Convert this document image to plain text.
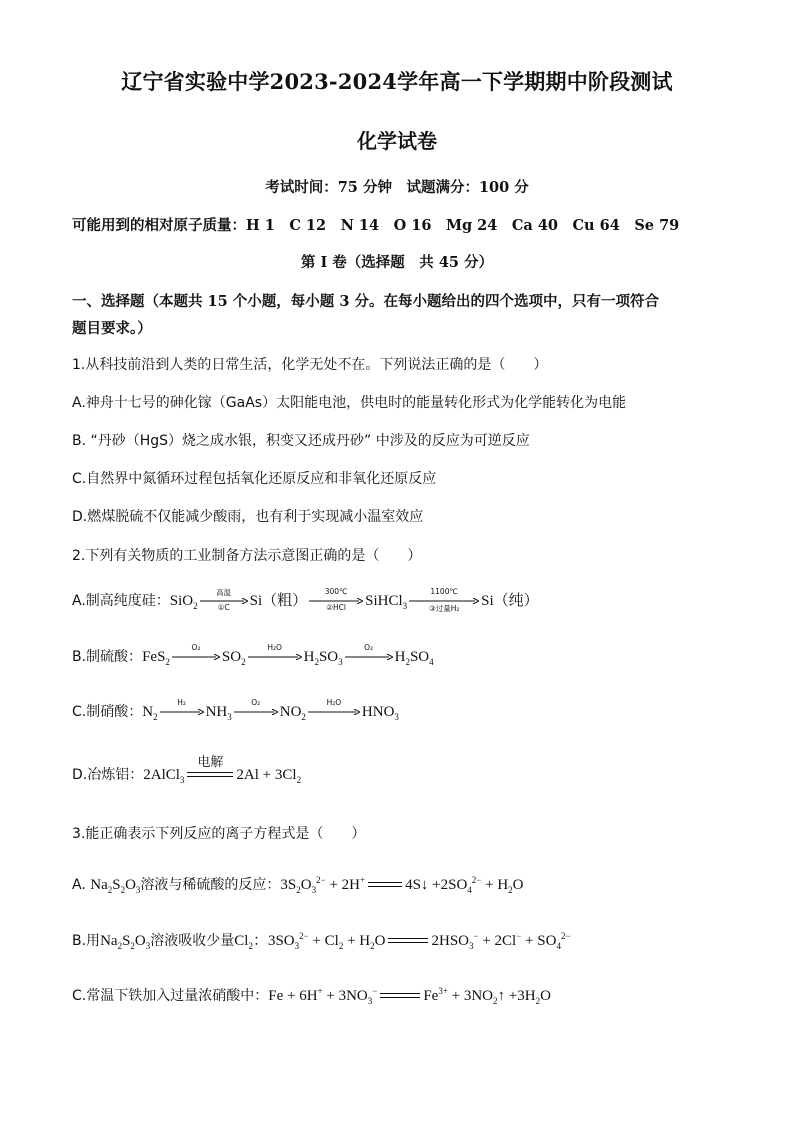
辽宁省实验中学2023-2024学年高一下学期期中阶段测试
化学试卷
考试时间：75 分钟　试题满分：100 分
可能用到的相对原子质量：H 1　C 12　N 14　O 16　Mg 24　Ca 40　Cu 64　Se 79
第 I 卷（选择题　共 45 分）
一、选择题（本题共 15 个小题，每小题 3 分。在每小题给出的四个选项中，只有一项符合
题目要求。）
1.从科技前沿到人类的日常生活，化学无处不在。下列说法正确的是（　　）
A.神舟十七号的砷化镓（GaAs）太阳能电池，供电时的能量转化形式为化学能转化为电能
B. “丹砂（HgS）烧之成水银，积变又还成丹砂” 中涉及的反应为可逆反应
C.自然界中氮循环过程包括氧化还原反应和非氧化还原反应
D.燃煤脱硫不仅能减少酸雨，也有利于实现减小温室效应
2.下列有关物质的工业制备方法示意图正确的是（　　）
A.制高纯度硅：SiO$_2$
高温
①C	Si（粗）
300℃
②HCl	SiHCl$_3$
1100℃
③过量H₂	Si（纯）
B.制硫酸：FeS$_2$
O₂
$SO_2$
H₂O
$H_2SO_3$
O₂
$H_2SO_4$
C.制硝酸：$N_2$
H₂
$NH_3$
O₂
$NO_2$
H₂O
$HNO_3$
D.冶炼铝：2AlCl$_3$
电解
$2Al + 3Cl_2$
3.能正确表示下列反应的离子方程式是（　　）
A. $Na_2S_2O_3$溶液与稀硫酸的反应：$3S_2O_3^{2-} + 2H^+$	4S↓ $+2SO_4^{2-} + H_2O$
B.用$Na_2S_2O_3$溶液吸收少量$Cl_2$：$3SO_3^{2-} + Cl_2 + H_2O$	$2HSO_3^- + 2Cl^- + SO_4^{2-}$
C.常温下铁加入过量浓硝酸中：$Fe + 6H^+ + 3NO_3^-$	$Fe^{3+}$ + $3NO_2↑ +3H_2O$
